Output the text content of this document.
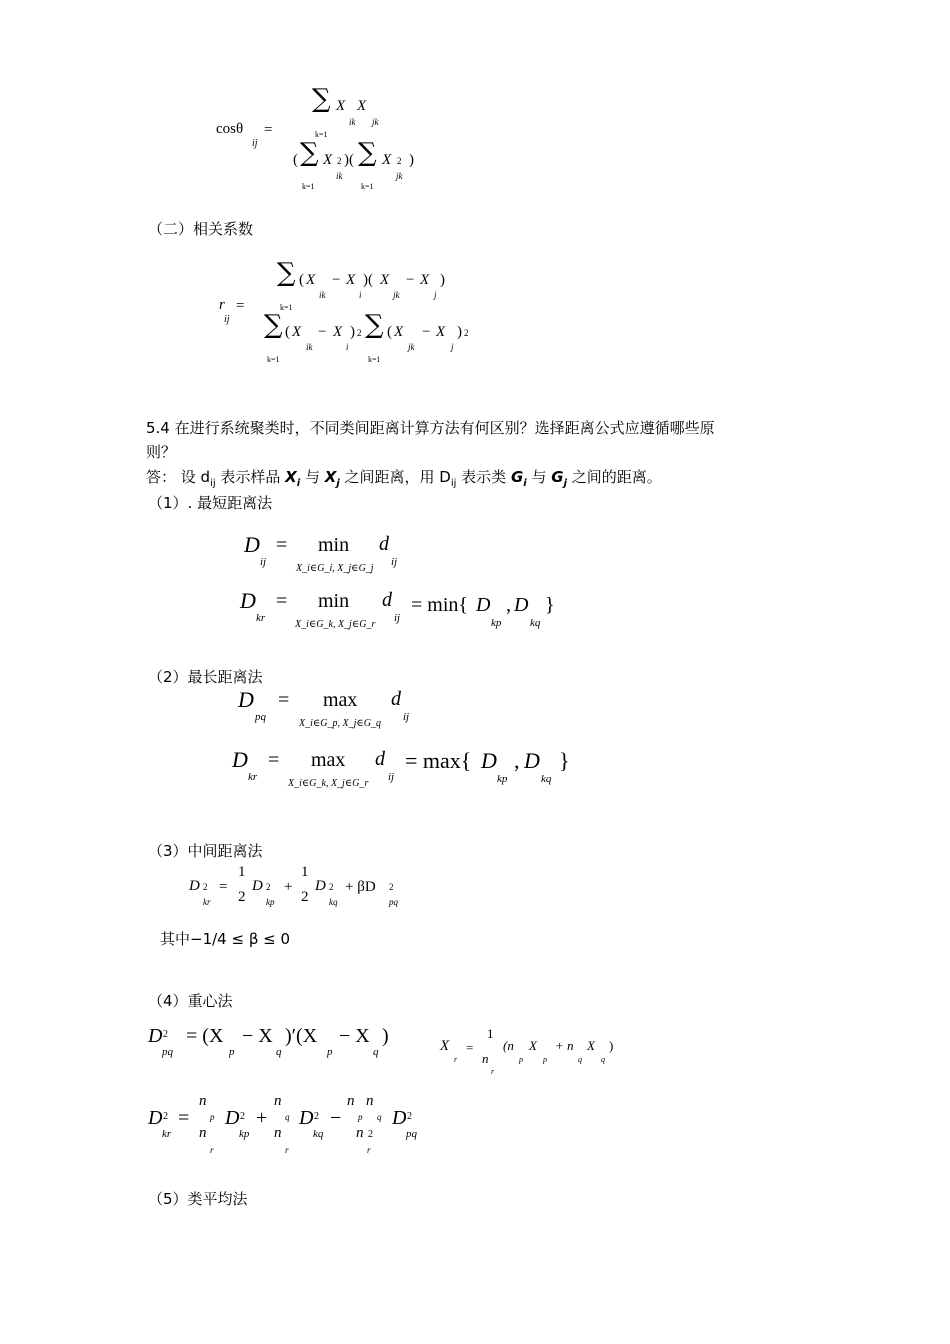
cosθ
ij
=
∑ X
ik
X
jk
k=1
( ∑ X 2
ik
)( ∑ X 2
jk
)
k=1	k=1
（二）相关系数
r
ij
=
∑ ( X
ik
− X
i
)( X
jk
− X
j
)
k=1
∑ ( X
ik
− X
i
) 2 ∑ ( X
jk
− X
j
) 2
k=1	k=1
5.4 在进行系统聚类时，不同类间距离计算方法有何区别？选择距离公式应遵循哪些原
则？
答： 设 $d_{ij}$ 表示样品 $X_i$ 与 $X_j$ 之间距离，用 $D_{ij}$ 表示类 $G_i$ 与 $G_j$ 之间的距离。
（1）. 最短距离法
D
ij
= min
X_i∈G_i, X_j∈G_j
d
ij
D
kr
= min
X_i∈G_k, X_j∈G_r
d
ij
= min{ D
kp
, D
kq
}
（2）最长距离法
D
pq
= max
X_i∈G_p, X_j∈G_q
d
ij
D
kr
= max
X_i∈G_k, X_j∈G_r
d
ij
= max{ D
kp
, D
kq
}
（3）中间距离法
D 2
kr
=
1
2
D 2
kp
+
1
2
D 2
kq
+ βD 2
pq
其中−1/4 ≤ β ≤ 0
（4）重心法
D 2
pq
= (X
p
− X
q
)′(X
p
− X
q
)	X
r
=
1
n
r
(n
p
X
p
+ n
q
X
q
)
D 2
kr
=
n
p
n
r
D 2
kp
+
n
q
n
r
D 2
kq
−
n
p
n
q
n 2
r
D 2
pq
（5）类平均法
